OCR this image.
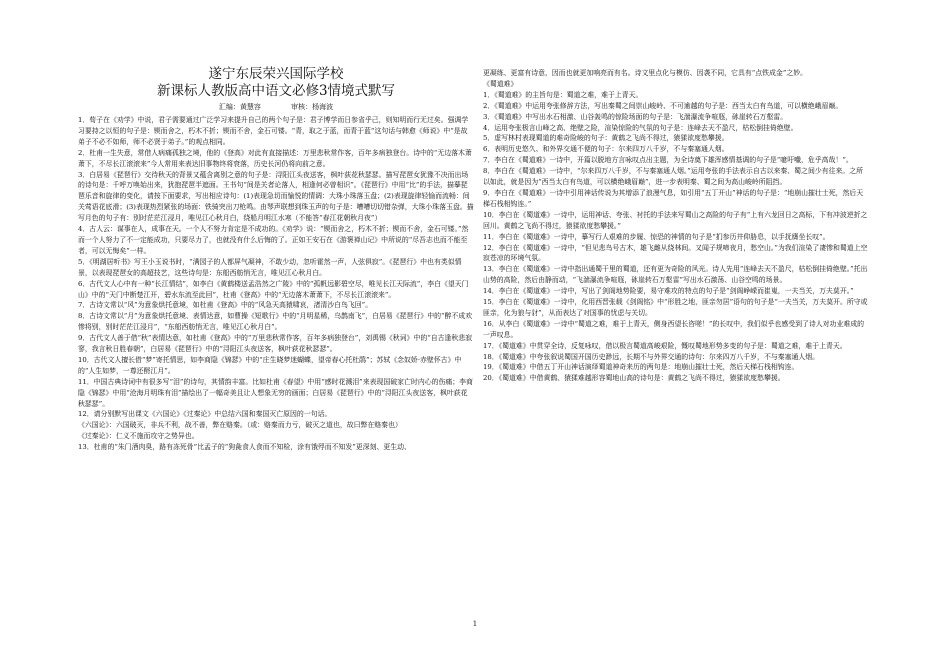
遂宁东辰荣兴国际学校

新课标人教版高中语文必修3情境式默写

汇编：黄慧容	审核：杨海波

1．荀子在《劝学》中说，君子需要通过广泛学习来提升自己的两个句子是：君子博学而日参省乎己，则知明而行无过矣。强调学习要持之以恒的句子是：锲而舍之，朽木不折；锲而不舍，金石可镂。“青，取之于蓝，而青于蓝”这句话与韩愈《师说》中“是故弟子不必不如师，师不必贤于弟子。”的观点相同。

2．杜甫一生失意，常借人病痛孤独之境，他的《登高》对此有直接描述：万里悲秋常作客，百年多病独登台。诗中的“无边落木萧萧下，不尽长江滚滚来”今人常用来表达旧事物终将衰落，历史长河仍将向前之意。

3．白居易《琵琶行》交待秋天的背景又蕴含离别之意的句子是：浔阳江头夜送客，枫叶荻花秋瑟瑟。描写琵琶女犹豫不决而出场的诗句是：千呼万唤始出来，犹抱琵琶半遮面。王书句“间是关者论落人，相逢何必曾相识”。《琵琶行》中用“比”的手法，描摹琵琶乐音和旋律的变化，请按下面要求，写出相应诗句：(1)表现急切而愉悦的情调：大珠小珠落玉盘；(2)表现旋律轻愉而流畅：间关莺语花底滑；(3)表现热烈紧张的场面：铁骑突出刀枪鸣。由琴声联想到珠玉声的句子是：嘈嘈切切错杂弹，大珠小珠落玉盘。描写月色的句子有：别时茫茫江浸月，唯见江心秋月白，绕船月明江水寒（不能答“春江花朝秋月夜”）

4．古人云：谋事在人，成事在天。一个人不努力肯定是不成功的。《劝学》说：“锲而舍之，朽木不折；锲而不舍，金石可镂。”然而一个人努力了不一定能成功，只要尽力了，也就没有什么后悔的了。正如王安石在《游褒禅山记》中所说的“尽吾志也而不能至者，可以无悔矣”一样。

5．《明湖居听书》写王小玉说书时，“满园子的人都屏气凝神，不敢少动，忽听霍然一声，人弦俱寂”。《琵琶行》中也有类似情景，以表现琵琶女的高超技艺，这些诗句是：东船西舫悄无言，唯见江心秋月白。

6．古代文人心中有一种“长江情结”，如李白《黄鹤楼送孟浩然之广陵》中的“孤帆远影碧空尽，唯见长江天际流”，李白《望天门山》中的“天门中断楚江开，碧水东流至此回”，杜甫《登高》中的“无边落木萧萧下，不尽长江滚滚来”。

7．古诗文常以“风”为意象烘托意境，如杜甫《登高》中的“风急天高猿啸哀，渚清沙白鸟飞回”。

8．古诗文常以“月”为意象烘托意境、表情达意，如曹操《短歌行》中的“月明星稀，乌鹊南飞”，白居易《琵琶行》中的“醉不成欢惨将别，别时茫茫江浸月”，“东船西舫悄无言，唯见江心秋月白”。

9．古代文人善于借“秋”表情达意，如杜甫《登高》中的“万里悲秋常作客，百年多病独登台”，刘禹锡《秋词》中的“自古逢秋悲寂寥，我言秋日胜春朝”，白居易《琵琶行》中的“浔阳江头夜送客，枫叶荻花秋瑟瑟”。

10．古代文人擅长借“梦”寄托情思，如李商隐《锦瑟》中的“庄生晓梦迷蝴蝶，望帝春心托杜鹃”；苏轼《念奴娇·赤壁怀古》中的“人生如梦，一尊还酹江月”。

11．中国古典诗词中有很多写“泪”的诗句，其情韵丰富。比如杜甫《春望》中用“感时花溅泪”来表现国破家亡时内心的伤痛；李商隐《锦瑟》中用“沧海月明珠有泪”描绘出了一幅奇美且让人想象无穷的画面；白居易《琵琶行》中的“浔阳江头夜送客，枫叶荻花秋瑟瑟”。

12．请分别默写出课文《六国论》《过秦论》中总结六国和秦国灭亡原因的一句话。

《六国论》：六国破灭，非兵不利，战不善，弊在赂秦。（或：赂秦而力亏，破灭之道也，故曰弊在赂秦也）

《过秦论》：仁义不施而攻守之势异也。

13．杜甫的“朱门酒肉臭，路有冻死骨”比孟子的“狗彘食人食而不知检，涂有饿殍而不知发”更深刻、更生动、

更凝练、更富有诗意，因而也就更加响亮而有名。诗文里点化与模仿、因袭不同，它具有“点铁成金”之妙。

《蜀道难》

1．《蜀道难》的主旨句是：蜀道之难，难于上青天。

2．《蜀道难》中运用夸张修辞方法，写出秦蜀之间崇山峻岭、不可逾越的句子是：西当太白有鸟道，可以横绝峨眉巅。

3．《蜀道难》中写出水石相激、山谷轰鸣的惊险场面的句子是：飞湍瀑流争喧豗，砯崖转石万壑雷。

4．运用夸张极言山峰之高、绝壁之险，渲染惊险的气氛的句子是：连峰去天不盈尺，枯松倒挂倚绝壁。

5．虚写林村表现蜀道的难奇险峻的句子：黄鹤之飞尚不得过，猿猱欲度愁攀援。

6．表明历史悠久、和外界交通不便的句子：尔来四万八千岁，不与秦塞通人烟。

7．李白在《蜀道难》一诗中，开篇以脱地方言咏叹点出主题，为全诗奠下雄浑感情基调的句子是“噫吁嚱，危乎高哉！”。

8．李白在《蜀道难》一诗中，“尔来四万八千岁，不与秦塞通人烟。”运用夸张的手法表示自古以来秦、蜀之间少有往来。之所以如此，就是因为“西当太白有鸟道，可以横绝峨眉巅”，进一步表明秦、蜀之间为高山峻岭所阻挡。

9．李白在《蜀道难》一诗中引用神话传说为其增添了浪漫气息，如引用“五丁开山”神话的句子是：“地崩山摧壮士死，然后天梯石栈相钩连。”

10．李白在《蜀道难》一诗中，运用神话、夸张、衬托的手法来写蜀山之高险的句子有“上有六龙回日之高标，下有冲波逆折之回川。黄鹤之飞尚不得过，猿猱欲度愁攀援。”

11．李白在《蜀道难》一诗中，摹写行人艰难的步履、惊恐的神情的句子是“扪参历井仰胁息，以手抚膺坐长叹”。

12．李白在《蜀道难》一诗中，“但见悲鸟号古木，雄飞雌从绕林间。又闻子规啼夜月，愁空山。”为我们渲染了凄惨和蜀道上空寂苍凉的环境气氛。

13．李白在《蜀道难》一诗中指出通蜀干里的蜀道，还有更为奇险的风光。诗人先用“连峰去天不盈尺，枯松倒挂倚绝壁。”托出山势的高险，然后由静而动，“飞湍瀑流争喧豗，砯崖转石万壑雷”写出水石激荡、山谷空鸣的场景。

14．李白在《蜀道难》一诗中，写出了剑阁地势险要，易守难攻的特点的句子是“剑阁峥嵘而崔嵬，一夫当关，万夫莫开。”

15．李白在《蜀道难》一诗中，化用西晋张载《剑阁铭》中“形胜之地，匪亲勿居”语句的句子是“一夫当关，万夫莫开。所守或匪亲，化为狼与豺”，从而表达了对国事的忧虑与关切。

16．从李白《蜀道难》一诗中“蜀道之难，难于上青天，侧身西望长咨嗟！”的长叹中，我们似乎也感受到了诗人对功业难成的一声叹息。

17．《蜀道难》中贯穿全诗，反复咏叹，借以极言蜀道高峻艰险，慨叹蜀地形势多变的句子是：蜀道之难，难于上青天。

18．《蜀道难》中夸张叙说蜀国开国历史渺远，长期不与外界交通的诗句：尔来四万八千岁，不与秦塞通人烟。

19．《蜀道难》中借五丁开山神话演绎蜀道神奇来历的两句是：地崩山摧壮士死，然后天梯石栈相钩连。

20．《蜀道难》中借黄鹤、猿猱难越形容蜀地山高的诗句是：黄鹤之飞尚不得过，猿猱欲度愁攀援。

1
